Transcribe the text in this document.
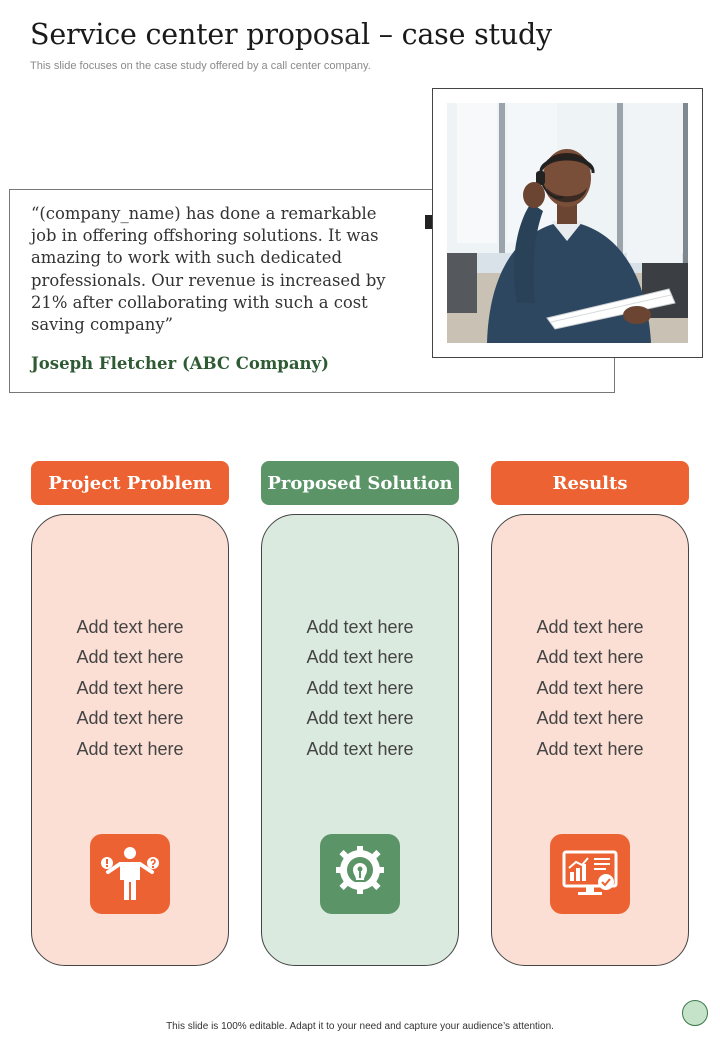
Service center proposal – case study
This slide focuses on the case study offered by a call center company.
“(company_name) has done a remarkable
job in offering offshoring solutions. It was
amazing to work with such dedicated
professionals. Our revenue is increased by
21% after collaborating with such a cost
saving company”
Joseph Fletcher (ABC Company)
Project Problem
Add text here
Add text here
Add text here
Add text here
Add text here
Proposed Solution
Add text here
Add text here
Add text here
Add text here
Add text here
Results
Add text here
Add text here
Add text here
Add text here
Add text here
This slide is 100% editable. Adapt it to your need and capture your audience’s attention.
